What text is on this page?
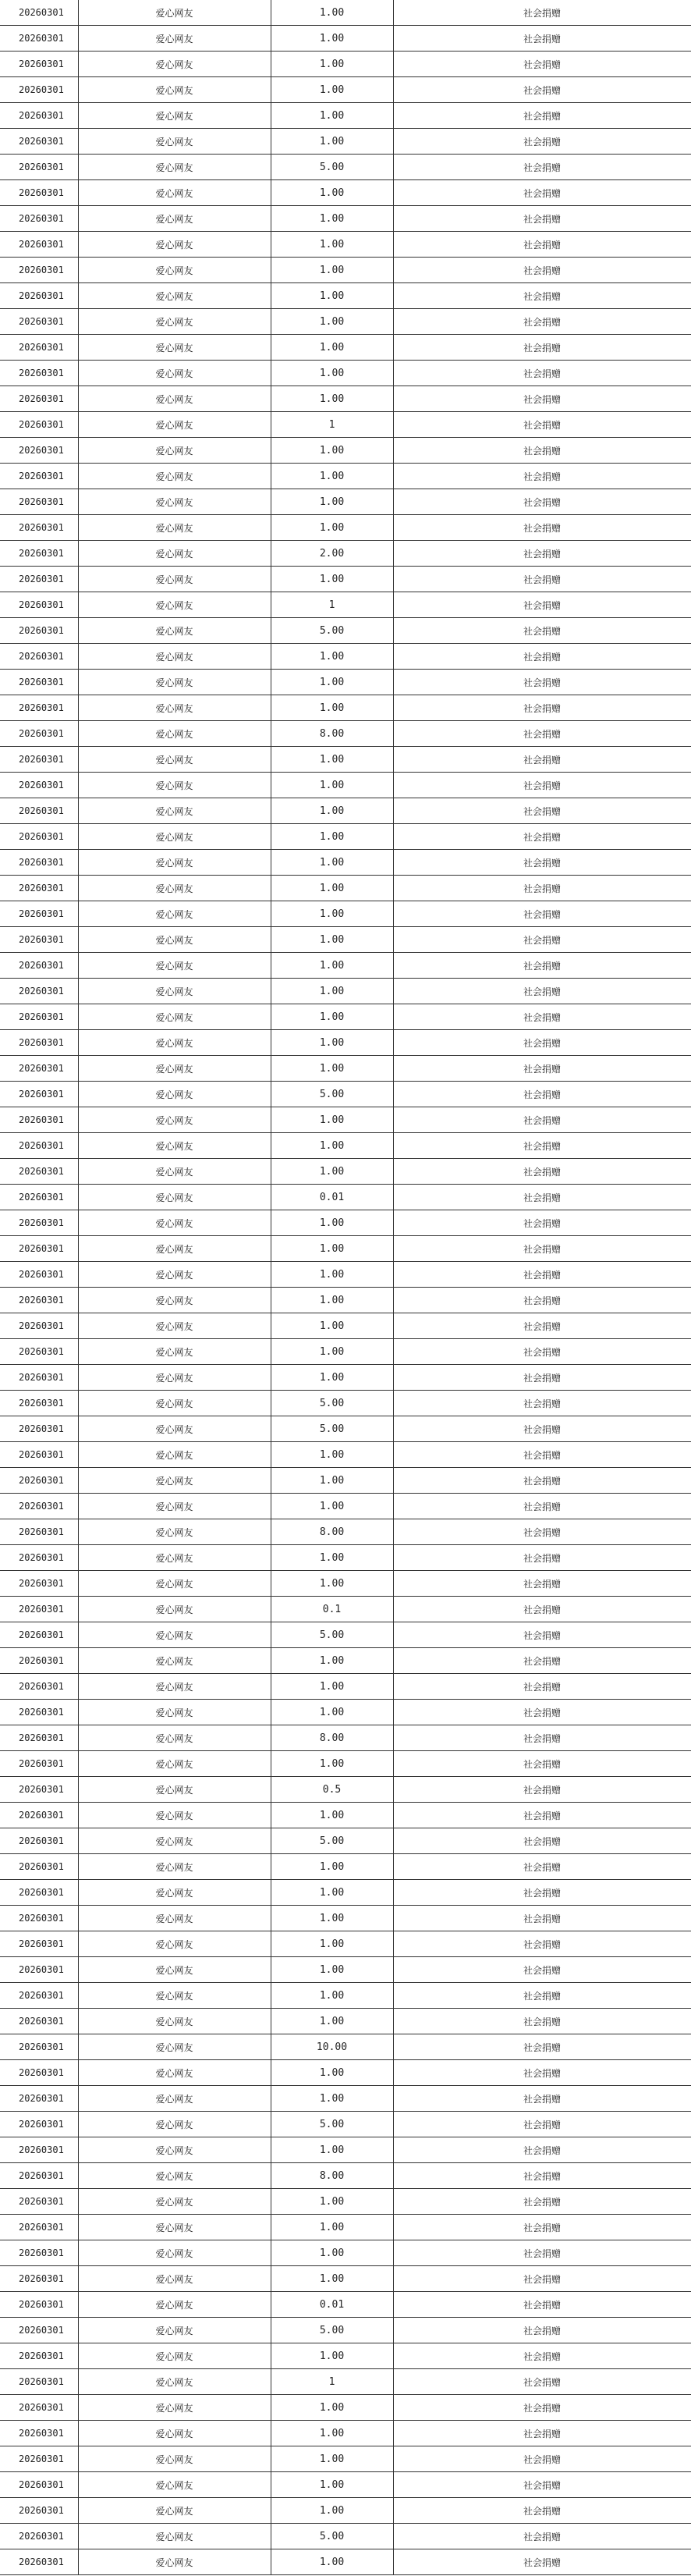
20260301	爱心网友	1.00	社会捐赠
20260301	爱心网友	1.00	社会捐赠
20260301	爱心网友	1.00	社会捐赠
20260301	爱心网友	1.00	社会捐赠
20260301	爱心网友	1.00	社会捐赠
20260301	爱心网友	1.00	社会捐赠
20260301	爱心网友	5.00	社会捐赠
20260301	爱心网友	1.00	社会捐赠
20260301	爱心网友	1.00	社会捐赠
20260301	爱心网友	1.00	社会捐赠
20260301	爱心网友	1.00	社会捐赠
20260301	爱心网友	1.00	社会捐赠
20260301	爱心网友	1.00	社会捐赠
20260301	爱心网友	1.00	社会捐赠
20260301	爱心网友	1.00	社会捐赠
20260301	爱心网友	1.00	社会捐赠
20260301	爱心网友	1	社会捐赠
20260301	爱心网友	1.00	社会捐赠
20260301	爱心网友	1.00	社会捐赠
20260301	爱心网友	1.00	社会捐赠
20260301	爱心网友	1.00	社会捐赠
20260301	爱心网友	2.00	社会捐赠
20260301	爱心网友	1.00	社会捐赠
20260301	爱心网友	1	社会捐赠
20260301	爱心网友	5.00	社会捐赠
20260301	爱心网友	1.00	社会捐赠
20260301	爱心网友	1.00	社会捐赠
20260301	爱心网友	1.00	社会捐赠
20260301	爱心网友	8.00	社会捐赠
20260301	爱心网友	1.00	社会捐赠
20260301	爱心网友	1.00	社会捐赠
20260301	爱心网友	1.00	社会捐赠
20260301	爱心网友	1.00	社会捐赠
20260301	爱心网友	1.00	社会捐赠
20260301	爱心网友	1.00	社会捐赠
20260301	爱心网友	1.00	社会捐赠
20260301	爱心网友	1.00	社会捐赠
20260301	爱心网友	1.00	社会捐赠
20260301	爱心网友	1.00	社会捐赠
20260301	爱心网友	1.00	社会捐赠
20260301	爱心网友	1.00	社会捐赠
20260301	爱心网友	1.00	社会捐赠
20260301	爱心网友	5.00	社会捐赠
20260301	爱心网友	1.00	社会捐赠
20260301	爱心网友	1.00	社会捐赠
20260301	爱心网友	1.00	社会捐赠
20260301	爱心网友	0.01	社会捐赠
20260301	爱心网友	1.00	社会捐赠
20260301	爱心网友	1.00	社会捐赠
20260301	爱心网友	1.00	社会捐赠
20260301	爱心网友	1.00	社会捐赠
20260301	爱心网友	1.00	社会捐赠
20260301	爱心网友	1.00	社会捐赠
20260301	爱心网友	1.00	社会捐赠
20260301	爱心网友	5.00	社会捐赠
20260301	爱心网友	5.00	社会捐赠
20260301	爱心网友	1.00	社会捐赠
20260301	爱心网友	1.00	社会捐赠
20260301	爱心网友	1.00	社会捐赠
20260301	爱心网友	8.00	社会捐赠
20260301	爱心网友	1.00	社会捐赠
20260301	爱心网友	1.00	社会捐赠
20260301	爱心网友	0.1	社会捐赠
20260301	爱心网友	5.00	社会捐赠
20260301	爱心网友	1.00	社会捐赠
20260301	爱心网友	1.00	社会捐赠
20260301	爱心网友	1.00	社会捐赠
20260301	爱心网友	8.00	社会捐赠
20260301	爱心网友	1.00	社会捐赠
20260301	爱心网友	0.5	社会捐赠
20260301	爱心网友	1.00	社会捐赠
20260301	爱心网友	5.00	社会捐赠
20260301	爱心网友	1.00	社会捐赠
20260301	爱心网友	1.00	社会捐赠
20260301	爱心网友	1.00	社会捐赠
20260301	爱心网友	1.00	社会捐赠
20260301	爱心网友	1.00	社会捐赠
20260301	爱心网友	1.00	社会捐赠
20260301	爱心网友	1.00	社会捐赠
20260301	爱心网友	10.00	社会捐赠
20260301	爱心网友	1.00	社会捐赠
20260301	爱心网友	1.00	社会捐赠
20260301	爱心网友	5.00	社会捐赠
20260301	爱心网友	1.00	社会捐赠
20260301	爱心网友	8.00	社会捐赠
20260301	爱心网友	1.00	社会捐赠
20260301	爱心网友	1.00	社会捐赠
20260301	爱心网友	1.00	社会捐赠
20260301	爱心网友	1.00	社会捐赠
20260301	爱心网友	0.01	社会捐赠
20260301	爱心网友	5.00	社会捐赠
20260301	爱心网友	1.00	社会捐赠
20260301	爱心网友	1	社会捐赠
20260301	爱心网友	1.00	社会捐赠
20260301	爱心网友	1.00	社会捐赠
20260301	爱心网友	1.00	社会捐赠
20260301	爱心网友	1.00	社会捐赠
20260301	爱心网友	1.00	社会捐赠
20260301	爱心网友	5.00	社会捐赠
20260301	爱心网友	1.00	社会捐赠
